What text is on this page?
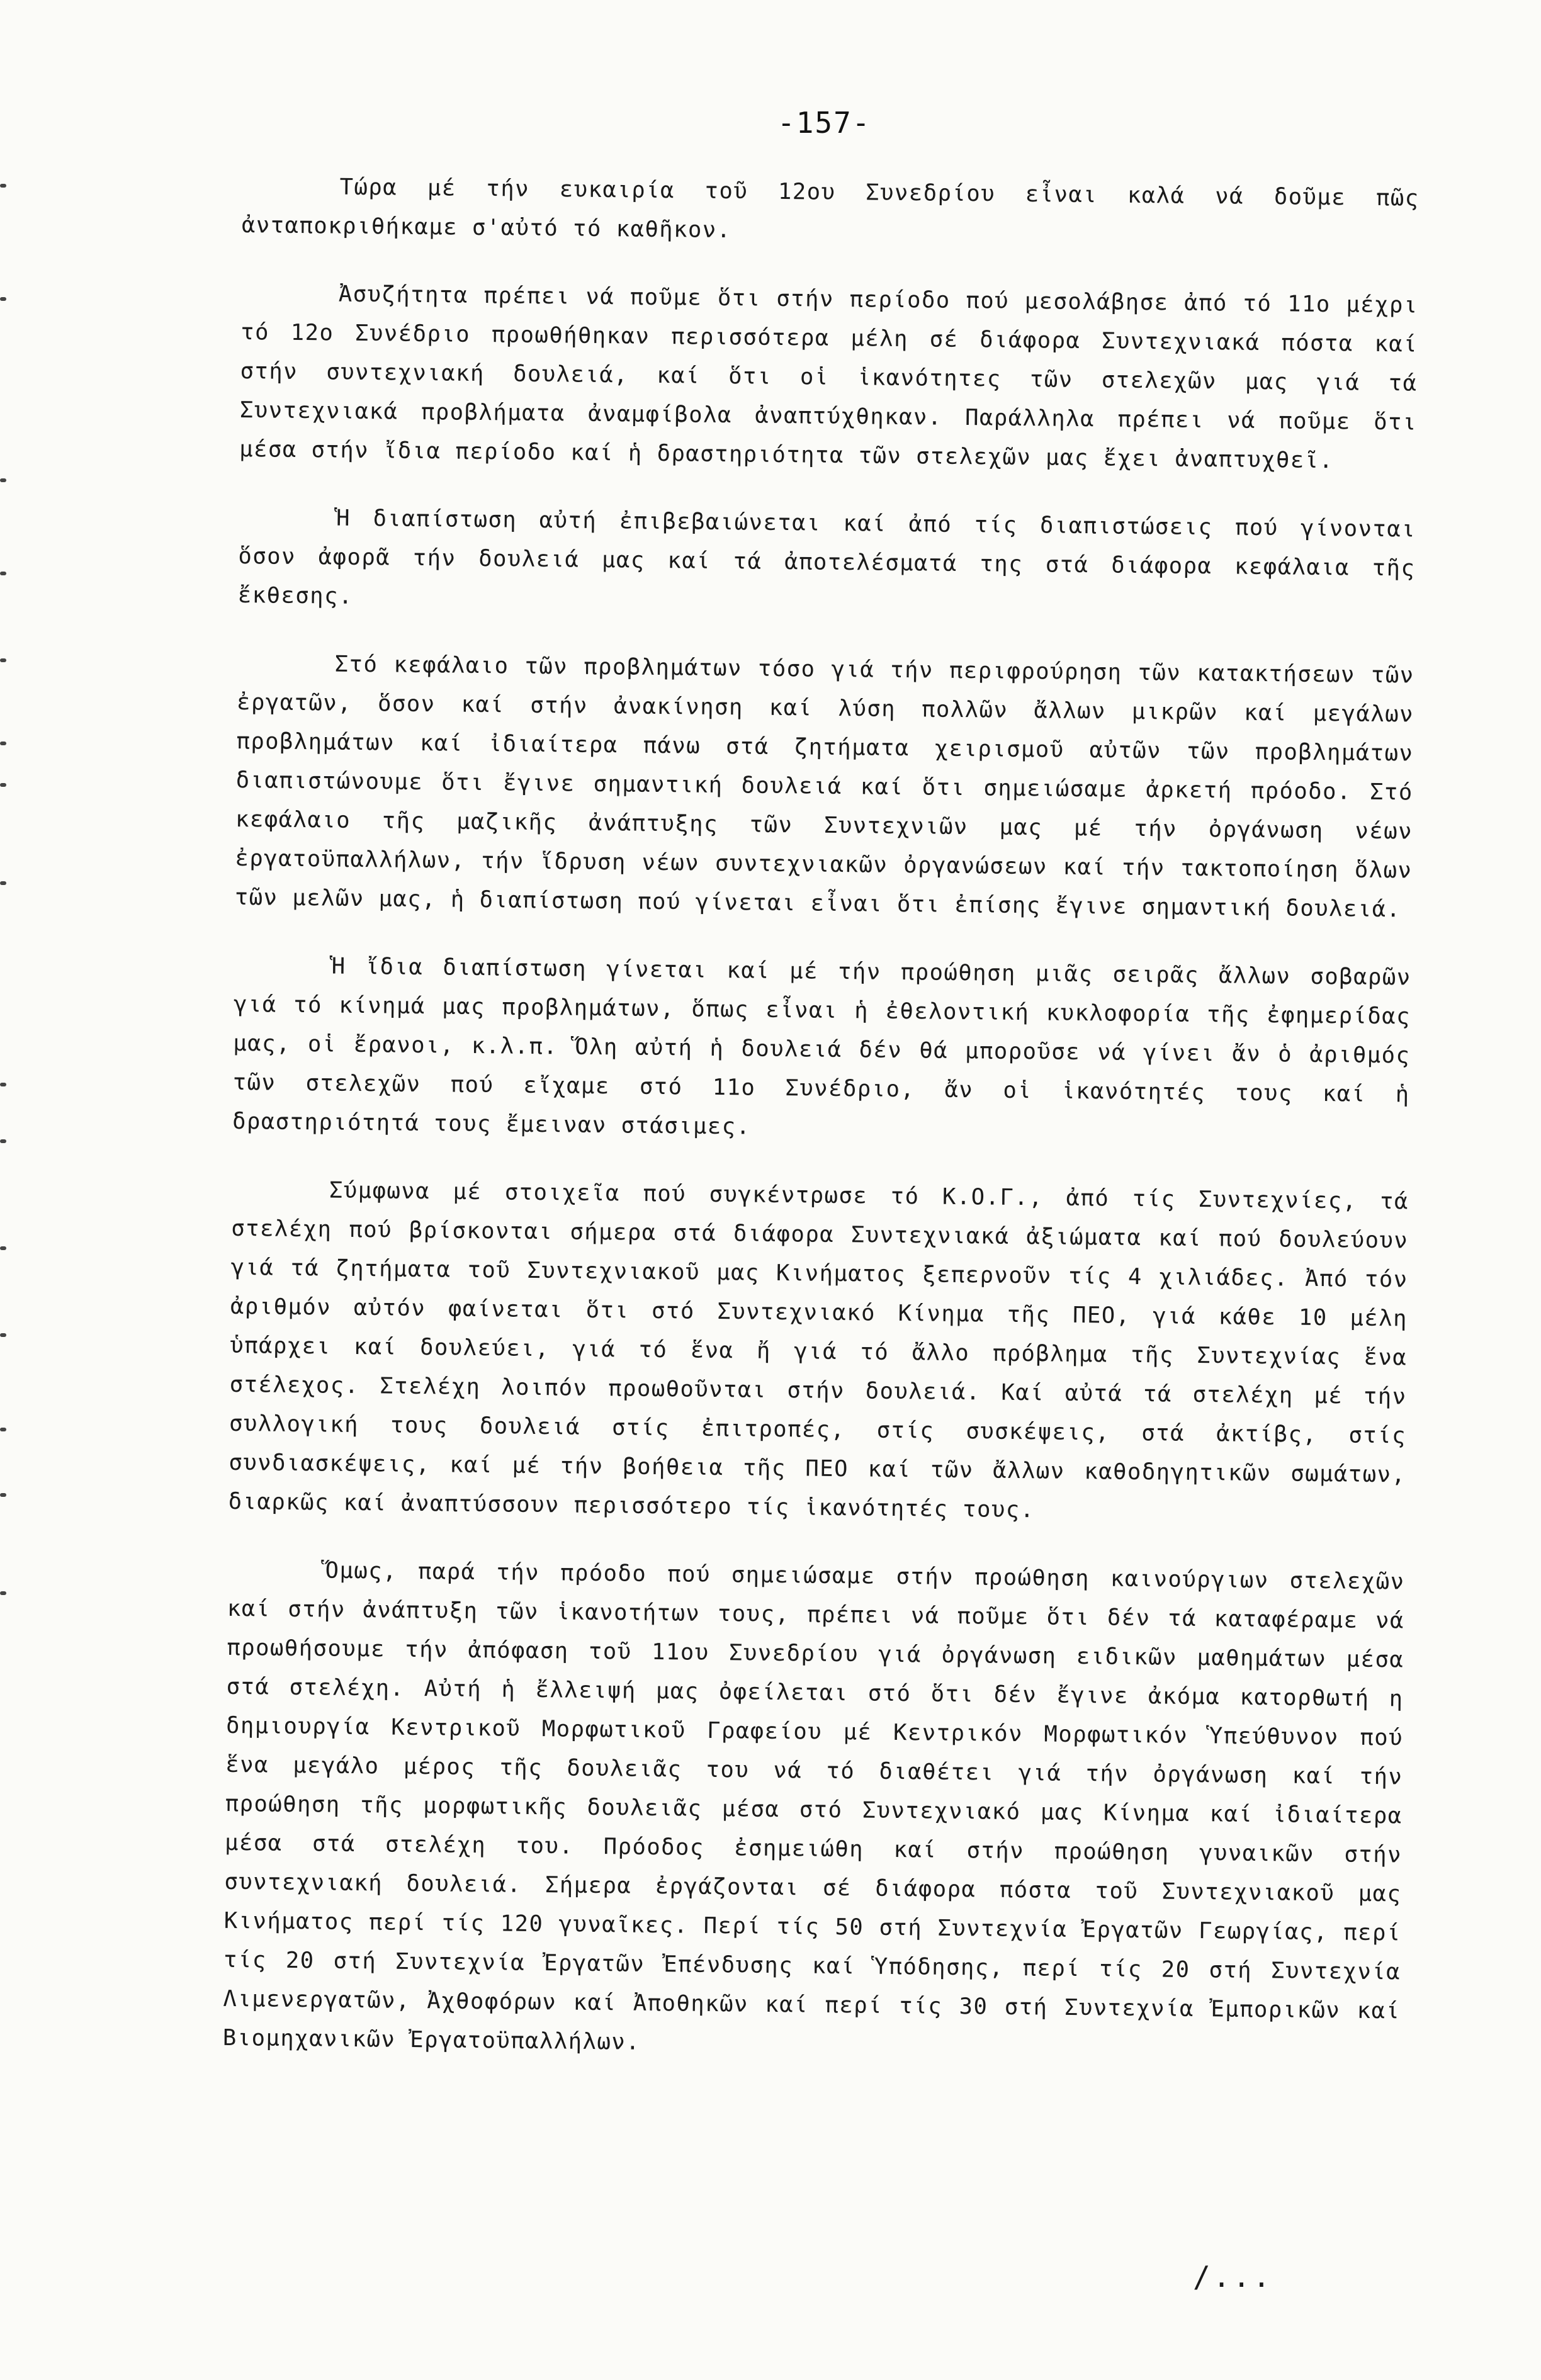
-157-

Τώρα μέ τήν ευκαιρία τοῦ 12ου Συνεδρίου εἶναι καλά νά δοῦμε πῶς ἀνταποκριθήκαμε σ'αὐτό τό καθῆκον.

Ἀσυζήτητα πρέπει νά ποῦμε ὅτι στήν περίοδο πού μεσολάβησε ἀπό τό 11ο μέχρι τό 12ο Συνέδριο προωθήθηκαν περισσότερα μέλη σέ διάφορα Συντεχνιακά πόστα καί στήν συντεχνιακή δουλειά, καί ὅτι οἱ ἱκανότητες τῶν στελεχῶν μας γιά τά Συντεχνιακά προβλήματα ἀναμφίβολα ἀναπτύχθηκαν. Παράλληλα πρέπει νά ποῦμε ὅτι μέσα στήν ἴδια περίοδο καί ἡ δραστηριότητα τῶν στελεχῶν μας ἔχει ἀναπτυχθεῖ.

Ἡ διαπίστωση αὐτή ἐπιβεβαιώνεται καί ἀπό τίς διαπιστώσεις πού γίνονται ὅσον ἀφορᾶ τήν δουλειά μας καί τά ἀποτελέσματά της στά διάφορα κεφάλαια τῆς ἔκθεσης.

Στό κεφάλαιο τῶν προβλημάτων τόσο γιά τήν περιφρούρηση τῶν κατακτήσεων τῶν ἐργατῶν, ὅσον καί στήν ἀνακίνηση καί λύση πολλῶν ἄλλων μικρῶν καί μεγάλων προβλημάτων καί ἰδιαίτερα πάνω στά ζητήματα χειρισμοῦ αὐτῶν τῶν προβλημάτων διαπιστώνουμε ὅτι ἔγινε σημαντική δουλειά καί ὅτι σημειώσαμε ἀρκετή πρόοδο. Στό κεφάλαιο τῆς μαζικῆς ἀνάπτυξης τῶν Συντεχνιῶν μας μέ τήν ὀργάνωση νέων ἐργατοϋπαλλήλων, τήν ἵδρυση νέων συντεχνιακῶν ὀργανώσεων καί τήν τακτοποίηση ὅλων τῶν μελῶν μας, ἡ διαπίστωση πού γίνεται εἶναι ὅτι ἐπίσης ἔγινε σημαντική δουλειά.

Ἡ ἴδια διαπίστωση γίνεται καί μέ τήν προώθηση μιᾶς σειρᾶς ἄλλων σοβαρῶν γιά τό κίνημά μας προβλημάτων, ὅπως εἶναι ἡ ἐθελοντική κυκλοφορία τῆς ἐφημερίδας μας, οἱ ἔρανοι, κ.λ.π. Ὅλη αὐτή ἡ δουλειά δέν θά μποροῦσε νά γίνει ἄν ὁ ἀριθμός τῶν στελεχῶν πού εἴχαμε στό 11ο Συνέδριο, ἄν οἱ ἱκανότητές τους καί ἡ δραστηριότητά τους ἔμειναν στάσιμες.

Σύμφωνα μέ στοιχεῖα πού συγκέντρωσε τό Κ.Ο.Γ., ἀπό τίς Συντεχνίες, τά στελέχη πού βρίσκονται σήμερα στά διάφορα Συντεχνιακά ἀξιώματα καί πού δουλεύουν γιά τά ζητήματα τοῦ Συντεχνιακοῦ μας Κινήματος ξεπερνοῦν τίς 4 χιλιάδες. Ἀπό τόν ἀριθμόν αὐτόν φαίνεται ὅτι στό Συντεχνιακό Κίνημα τῆς ΠΕΟ, γιά κάθε 10 μέλη ὑπάρχει καί δουλεύει, γιά τό ἕνα ἤ γιά τό ἄλλο πρόβλημα τῆς Συντεχνίας ἕνα στέλεχος. Στελέχη λοιπόν προωθοῦνται στήν δουλειά. Καί αὐτά τά στελέχη μέ τήν συλλογική τους δουλειά στίς ἐπιτροπές, στίς συσκέψεις, στά ἀκτίβς, στίς συνδιασκέψεις, καί μέ τήν βοήθεια τῆς ΠΕΟ καί τῶν ἄλλων καθοδηγητικῶν σωμάτων, διαρκῶς καί ἀναπτύσσουν περισσότερο τίς ἱκανότητές τους.

Ὅμως, παρά τήν πρόοδο πού σημειώσαμε στήν προώθηση καινούργιων στελεχῶν καί στήν ἀνάπτυξη τῶν ἱκανοτήτων τους, πρέπει νά ποῦμε ὅτι δέν τά καταφέραμε νά προωθήσουμε τήν ἀπόφαση τοῦ 11ου Συνεδρίου γιά ὀργάνωση ειδικῶν μαθημάτων μέσα στά στελέχη. Αὐτή ἡ ἔλλειψή μας ὀφείλεται στό ὅτι δέν ἔγινε ἀκόμα κατορθωτή η δημιουργία Κεντρικοῦ Μορφωτικοῦ Γραφείου μέ Κεντρικόν Μορφωτικόν Ὑπεύθυνον πού ἕνα μεγάλο μέρος τῆς δουλειᾶς του νά τό διαθέτει γιά τήν ὀργάνωση καί τήν προώθηση τῆς μορφωτικῆς δουλειᾶς μέσα στό Συντεχνιακό μας Κίνημα καί ἰδιαίτερα μέσα στά στελέχη του. Πρόοδος ἐσημειώθη καί στήν προώθηση γυναικῶν στήν συντεχνιακή δουλειά. Σήμερα ἐργάζονται σέ διάφορα πόστα τοῦ Συντεχνιακοῦ μας Κινήματος περί τίς 120 γυναῖκες. Περί τίς 50 στή Συντεχνία Ἐργατῶν Γεωργίας, περί τίς 20 στή Συντεχνία Ἐργατῶν Ἐπένδυσης καί Ὑπόδησης, περί τίς 20 στή Συντεχνία Λιμενεργατῶν, Ἀχθοφόρων καί Ἀποθηκῶν καί περί τίς 30 στή Συντεχνία Ἐμπορικῶν καί Βιομηχανικῶν Ἐργατοϋπαλλήλων.

/...
